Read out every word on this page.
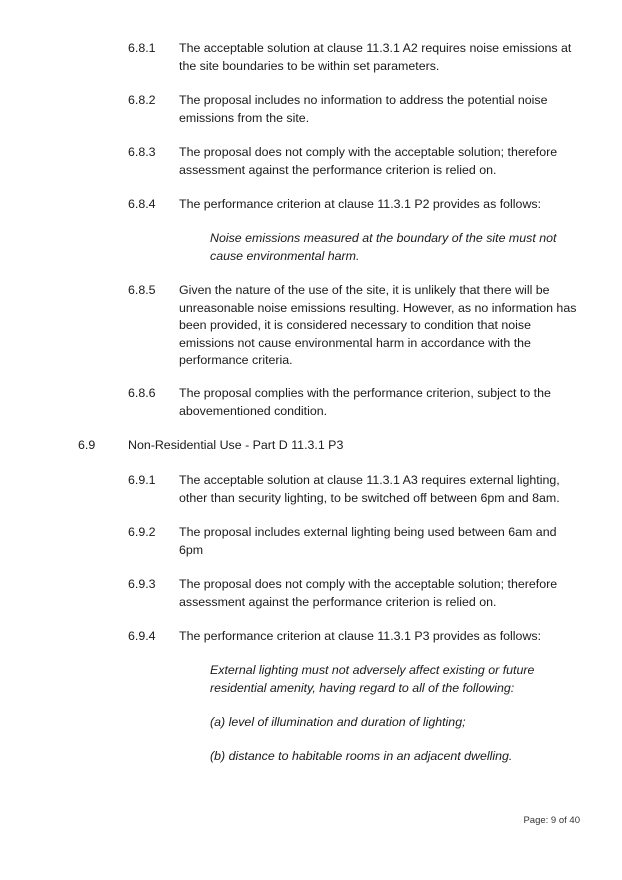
6.8.1 The acceptable solution at clause 11.3.1 A2 requires noise emissions at the site boundaries to be within set parameters.
6.8.2 The proposal includes no information to address the potential noise emissions from the site.
6.8.3 The proposal does not comply with the acceptable solution; therefore assessment against the performance criterion is relied on.
6.8.4 The performance criterion at clause 11.3.1 P2 provides as follows:
Noise emissions measured at the boundary of the site must not cause environmental harm.
6.8.5 Given the nature of the use of the site, it is unlikely that there will be unreasonable noise emissions resulting. However, as no information has been provided, it is considered necessary to condition that noise emissions not cause environmental harm in accordance with the performance criteria.
6.8.6 The proposal complies with the performance criterion, subject to the abovementioned condition.
6.9	Non-Residential Use - Part D 11.3.1 P3
6.9.1 The acceptable solution at clause 11.3.1 A3 requires external lighting, other than security lighting, to be switched off between 6pm and 8am.
6.9.2 The proposal includes external lighting being used between 6am and 6pm
6.9.3 The proposal does not comply with the acceptable solution; therefore assessment against the performance criterion is relied on.
6.9.4 The performance criterion at clause 11.3.1 P3 provides as follows:
External lighting must not adversely affect existing or future residential amenity, having regard to all of the following:
(a) level of illumination and duration of lighting;
(b) distance to habitable rooms in an adjacent dwelling.
Page: 9 of 40
